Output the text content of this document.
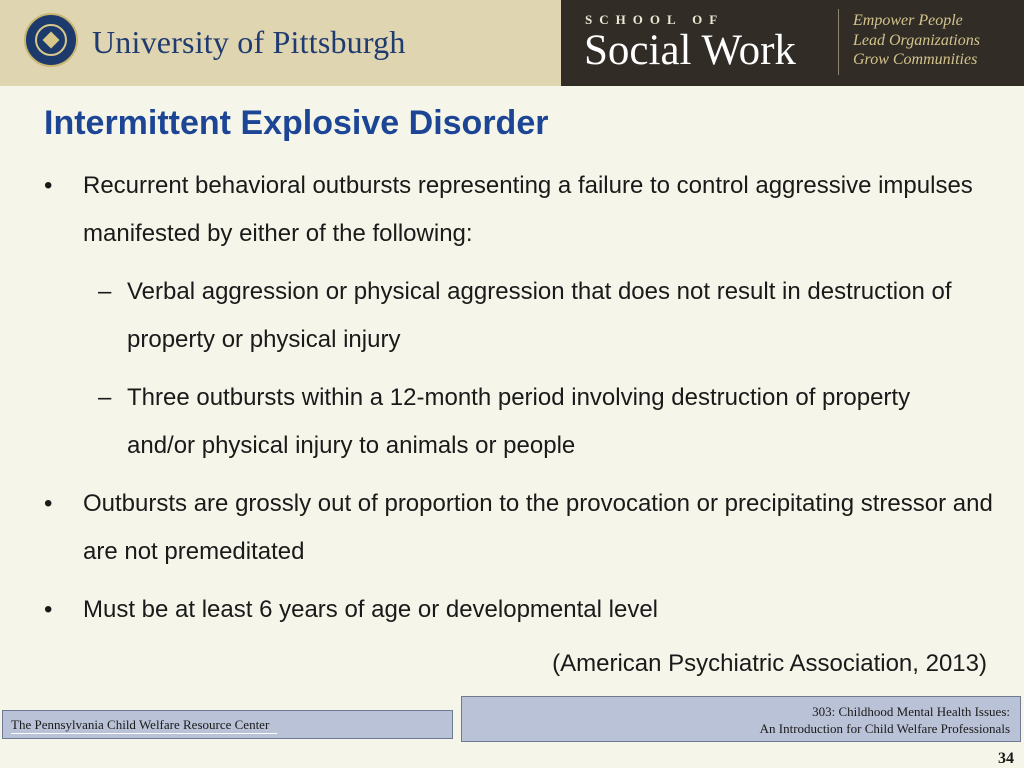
University of Pittsburgh
SCHOOL OF
Social Work
Empower People
Lead Organizations
Grow Communities
Intermittent Explosive Disorder
• Recurrent behavioral outbursts representing a failure to control aggressive impulses manifested by either of the following:
– Verbal aggression or physical aggression that does not result in destruction of property or physical injury
– Three outbursts within a 12-month period involving destruction of property and/or physical injury to animals or people
• Outbursts are grossly out of proportion to the provocation or precipitating stressor and are not premeditated
• Must be at least 6 years of age or developmental level
(American Psychiatric Association, 2013)
The Pennsylvania Child Welfare Resource Center
303: Childhood Mental Health Issues:
An Introduction for Child Welfare Professionals
34
